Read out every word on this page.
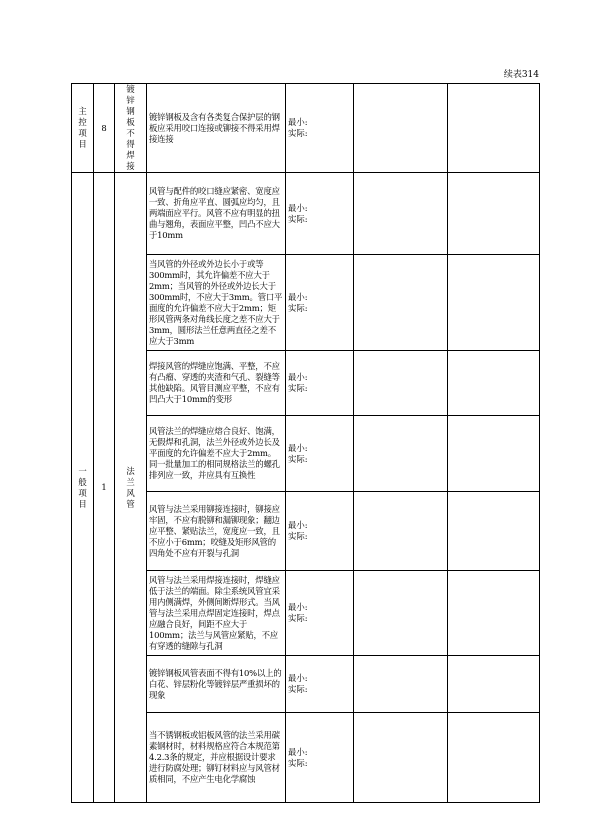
续表314
主控项目	8	镀锌钢板不得焊接	镀锌钢板及含有各类复合保护层的钢板应采用咬口连接或铆接不得采用焊接连接	最小:
实际:		

一般项目	1	法兰风管	风管与配件的咬口缝应紧密、宽度应一致、折角应平直、圆弧应均匀，且两端面应平行。风管不应有明显的扭曲与翘角，表面应平整，凹凸不应大于10mm	最小:
实际:		

			当风管的外径或外边长小于或等300mm时，其允许偏差不应大于2mm；当风管的外径或外边长大于300mm时，不应大于3mm。管口平面度的允许偏差不应大于2mm；矩形风管两条对角线长度之差不应大于3mm，圆形法兰任意两直径之差不应大于3mm	最小:
实际:		

			焊接风管的焊缝应饱满、平整，不应有凸瘤、穿透的夹渣和气孔、裂缝等其他缺陷。风管目测应平整，不应有凹凸大于10mm的变形	最小:
实际:		

			风管法兰的焊缝应熔合良好、饱满，无假焊和孔洞，法兰外径或外边长及平面度的允许偏差不应大于2mm。同一批量加工的相同规格法兰的螺孔排列应一致，并应具有互换性	最小:
实际:		

			风管与法兰采用铆接连接时，铆接应牢固，不应有脱铆和漏铆现象；翻边应平整、紧贴法兰，宽度应一致，且不应小于6mm；咬缝及矩形风管的四角处不应有开裂与孔洞	最小:
实际:		

			风管与法兰采用焊接连接时，焊缝应低于法兰的端面。除尘系统风管宜采用内侧满焊，外侧间断焊形式。当风管与法兰采用点焊固定连接时，焊点应融合良好，间距不应大于100mm；法兰与风管应紧贴，不应有穿透的缝隙与孔洞	最小:
实际:		

			镀锌钢板风管表面不得有10%以上的白花、锌层粉化等镀锌层严重损坏的现象	最小:
实际:		

			当不锈钢板或铝板风管的法兰采用碳素钢材时，材料规格应符合本规范第4.2.3条的规定，并应根据设计要求进行防腐处理；铆钉材料应与风管材质相同，不应产生电化学腐蚀	最小:
实际:		
